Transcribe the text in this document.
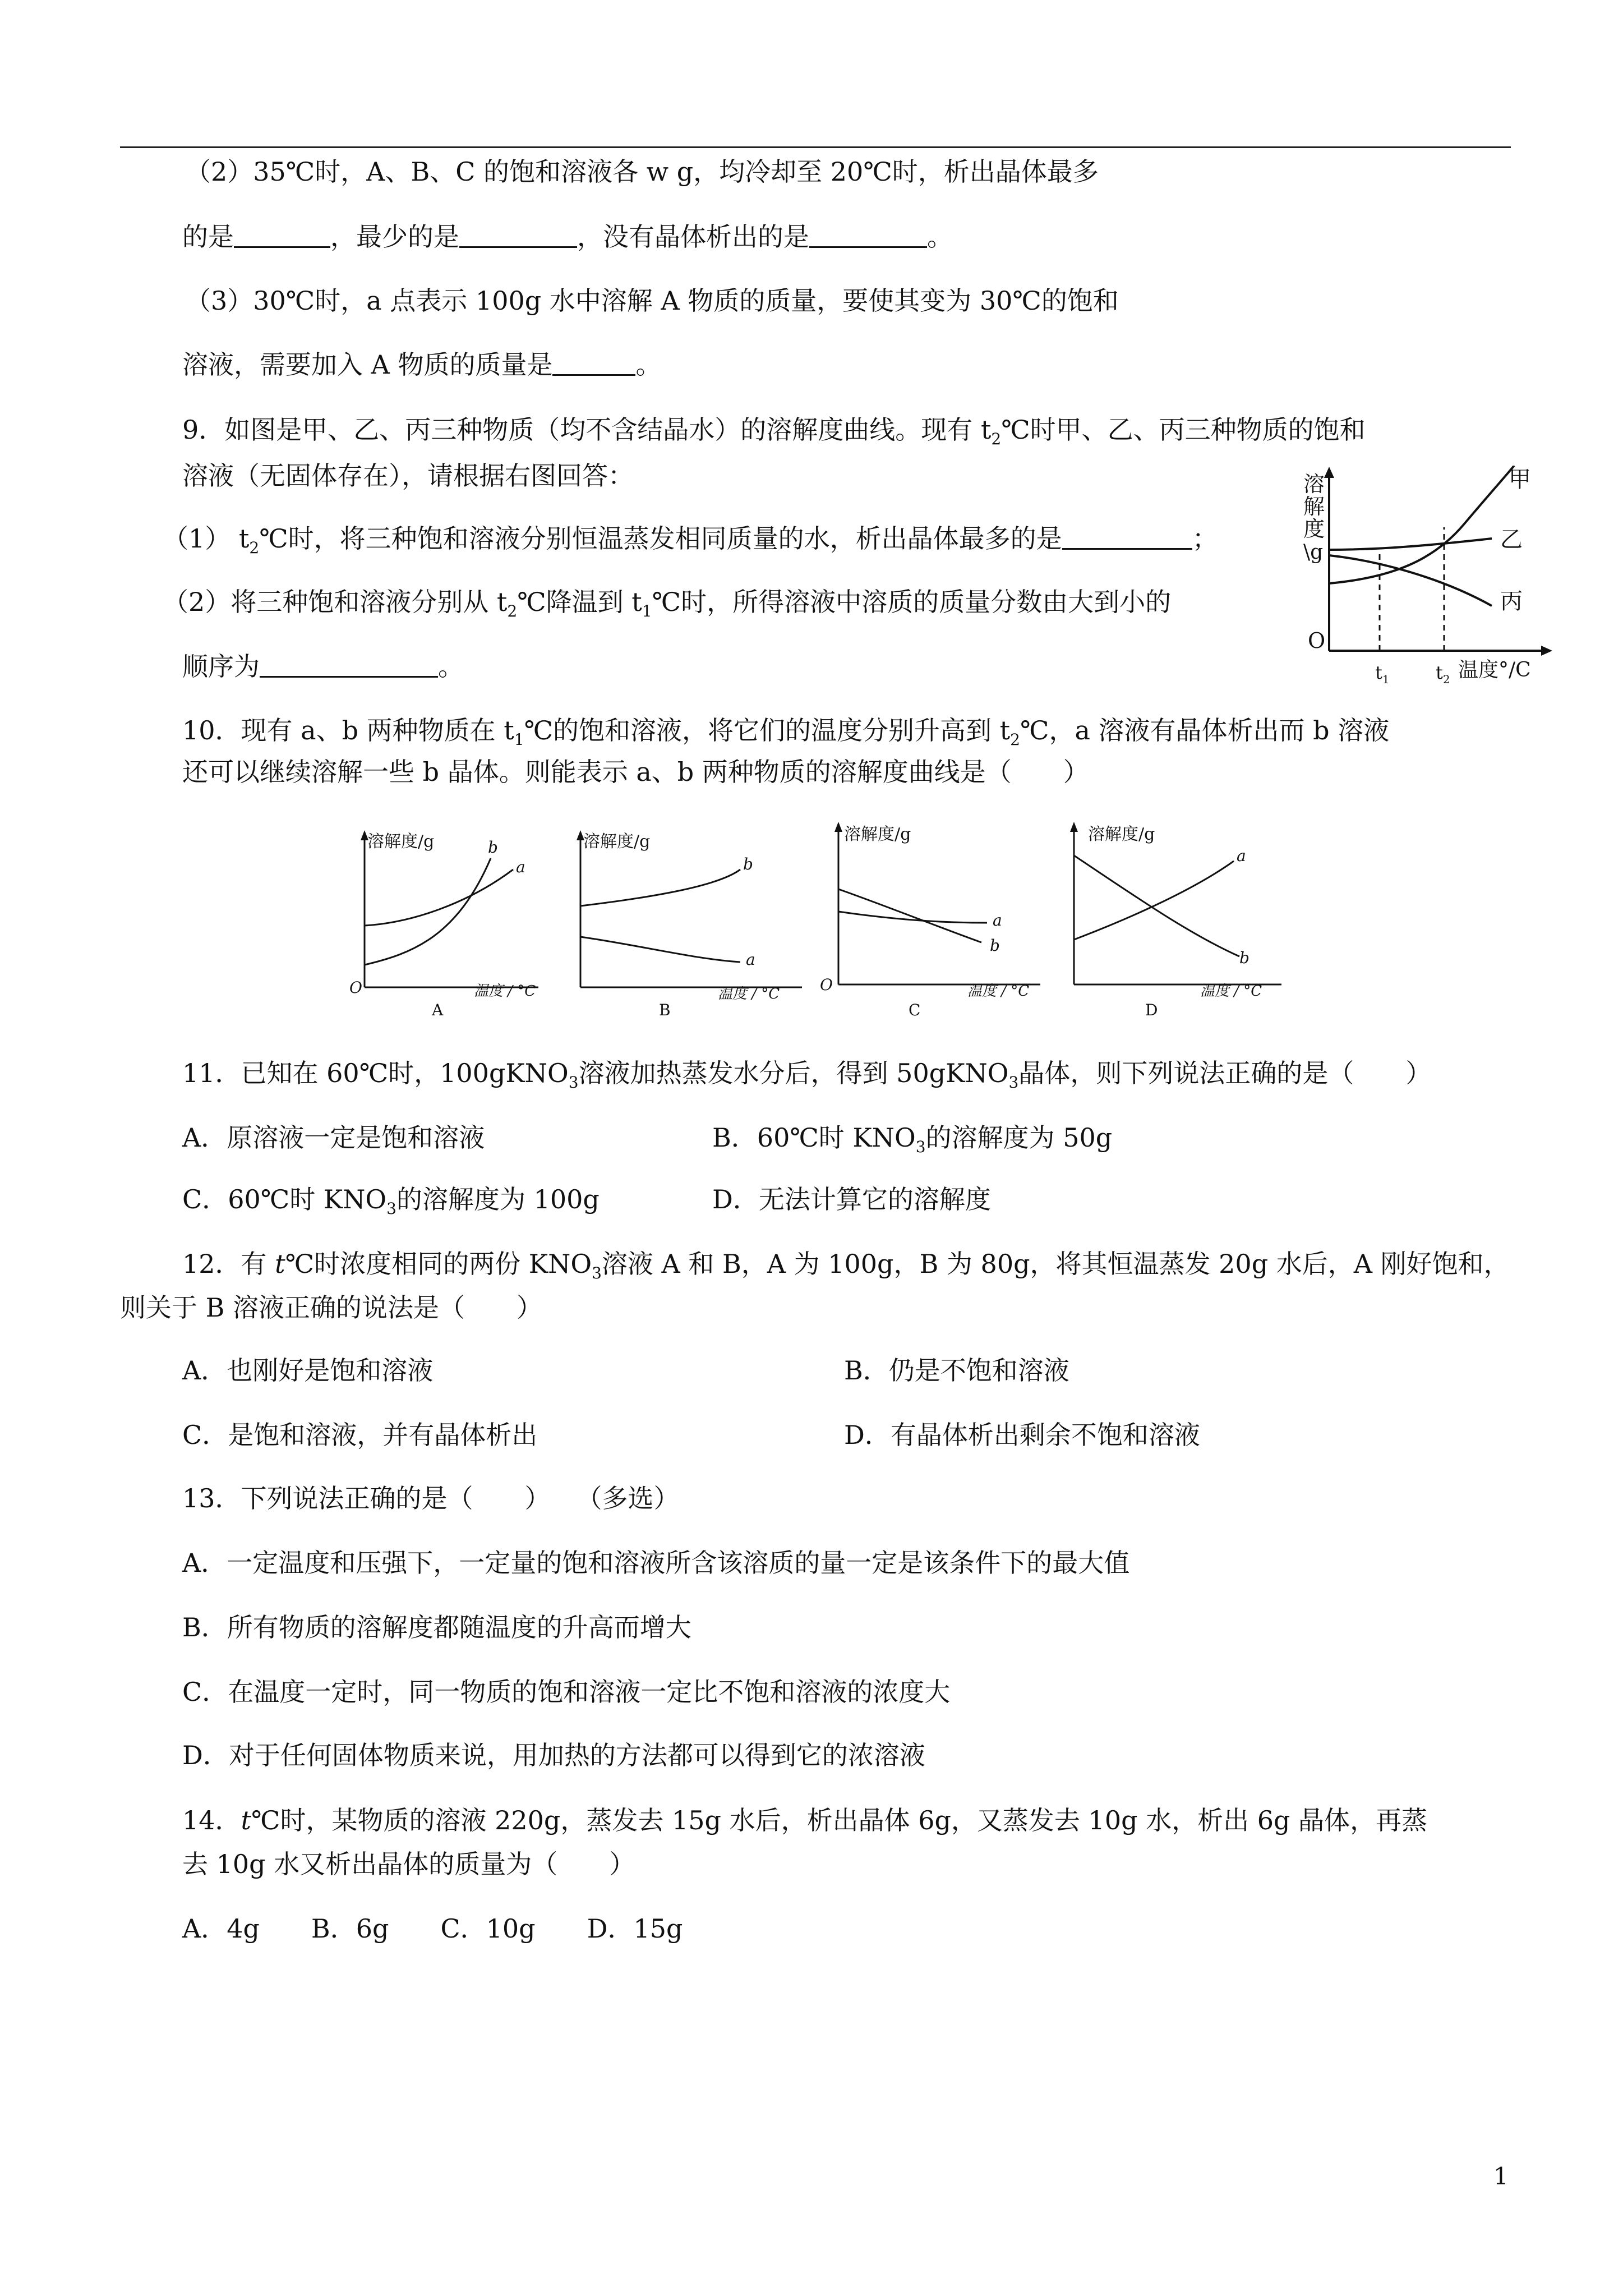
（2）35℃时，A、B、C 的饱和溶液各 w g，均冷却至 20℃时，析出晶体最多
的是	，最少的是	，没有晶体析出的是	。
（3）30℃时，a 点表示 100g 水中溶解 A 物质的质量，要使其变为 30℃的饱和
溶液，需要加入 A 物质的质量是	。
9．如图是甲、乙、丙三种物质（均不含结晶水）的溶解度曲线。现有 $t_2℃$时甲、乙、丙三种物质的饱和
溶液（无固体存在），请根据右图回答：
（1） $t_2℃$时，将三种饱和溶液分别恒温蒸发相同质量的水，析出晶体最多的是	；
（2）将三种饱和溶液分别从 $t_2℃$降温到 $t_1℃$时，所得溶液中溶质的质量分数由大到小的
顺序为	。
溶
解
度
\g
O
甲
乙
丙
$t_1$	$t_2$ 温度°/C
10．现有 a、b 两种物质在 $t_1℃$的饱和溶液，将它们的温度分别升高到 $t_2℃$，a 溶液有晶体析出而 b 溶液
还可以继续溶解一些 b 晶体。则能表示 a、b 两种物质的溶解度曲线是（　　）
溶解度/g	b
a
O	温度 / °C
A
溶解度/g
b
a
温度 / °C
B
溶解度/g
a
b
O	温度 / °C
C
溶解度/g
a
b
温度 / °C
D
11．已知在 60℃时，100gKNO$_3$溶液加热蒸发水分后，得到 50gKNO$_3$晶体，则下列说法正确的是（　　）
A．原溶液一定是饱和溶液	B．60℃时 $KNO_3$的溶解度为 50g
C．60℃时 $KNO_3$的溶解度为 100g	D．无法计算它的溶解度
12．有 t℃时浓度相同的两份 $KNO_3$溶液 A 和 B，A 为 100g，B 为 80g，将其恒温蒸发 20g 水后，A 刚好饱和，
则关于 B 溶液正确的说法是（　　）
A．也刚好是饱和溶液	B．仍是不饱和溶液
C．是饱和溶液，并有晶体析出	D．有晶体析出剩余不饱和溶液
13．下列说法正确的是（　　）　　（多选）
A．一定温度和压强下，一定量的饱和溶液所含该溶质的量一定是该条件下的最大值
B．所有物质的溶解度都随温度的升高而增大
C．在温度一定时，同一物质的饱和溶液一定比不饱和溶液的浓度大
D．对于任何固体物质来说，用加热的方法都可以得到它的浓溶液
14．t℃时，某物质的溶液 220g，蒸发去 15g 水后，析出晶体 6g，又蒸发去 10g 水，析出 6g 晶体，再蒸
去 10g 水又析出晶体的质量为（　　）
A．4g　　B．6g　　C．10g　　D．15g
1
